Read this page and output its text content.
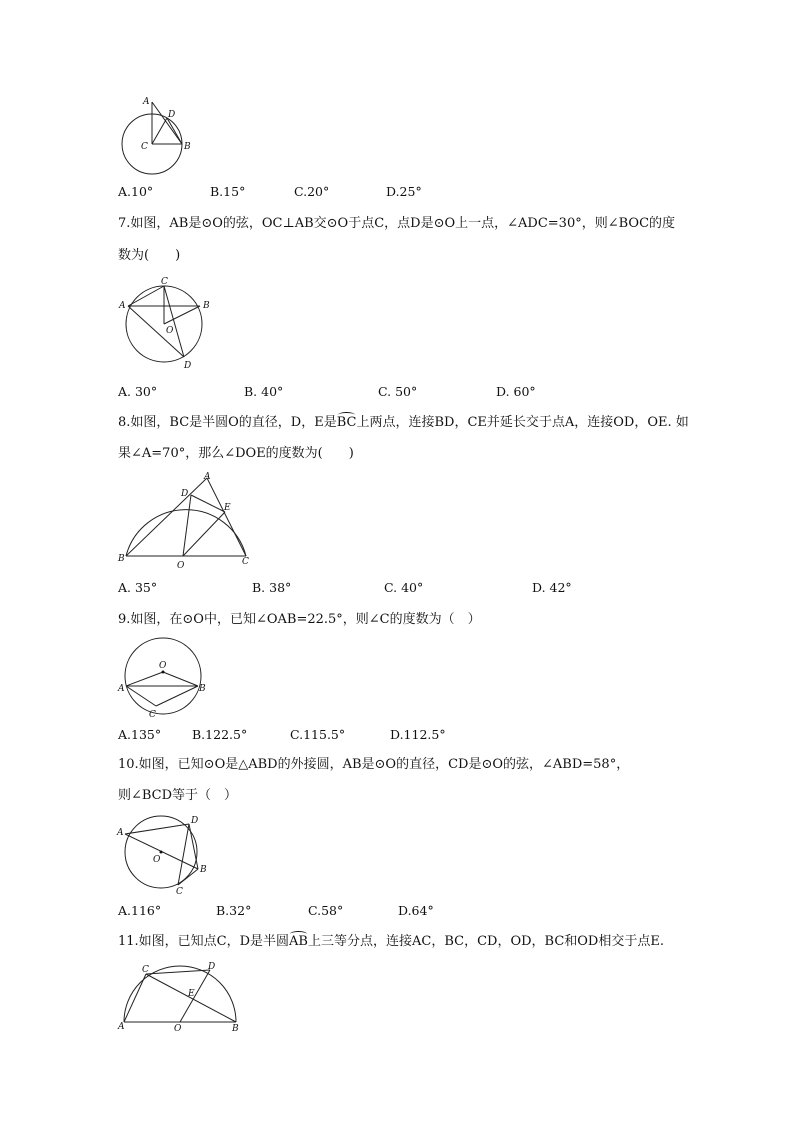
A
D
C	B
A.10°	B.15°	C.20°	D.25°
7.如图，AB是⊙O的弦，OC⊥AB交⊙O于点C，点D是⊙O上一点，∠ADC=30°，则∠BOC的度
数为(　　)
C
A	B
O
D
A. 30°	B. 40°	C. 50°	D. 60°
8.如图，BC是半圆O的直径，D，E是BC上两点，连接BD，CE并延长交于点A，连接OD，OE. 如
果∠A=70°，那么∠DOE的度数为(　　)
A
D
E
B
O	C
A. 35°	B. 38°	C. 40°	D. 42°
9.如图，在⊙O中，已知∠OAB=22.5°，则∠C的度数为（　）
O
A	B
C
A.135° B.122.5°	C.115.5°	D.112.5°
10.如图，已知⊙O是△ABD的外接圆，AB是⊙O的直径，CD是⊙O的弦，∠ABD=58°，
则∠BCD等于（　）
A
D
O
B
C
A.116°	B.32°	C.58°	D.64°
11.如图，已知点C，D是半圆AB上三等分点，连接AC，BC，CD，OD，BC和OD相交于点E.
C	D
E
A	O	B
